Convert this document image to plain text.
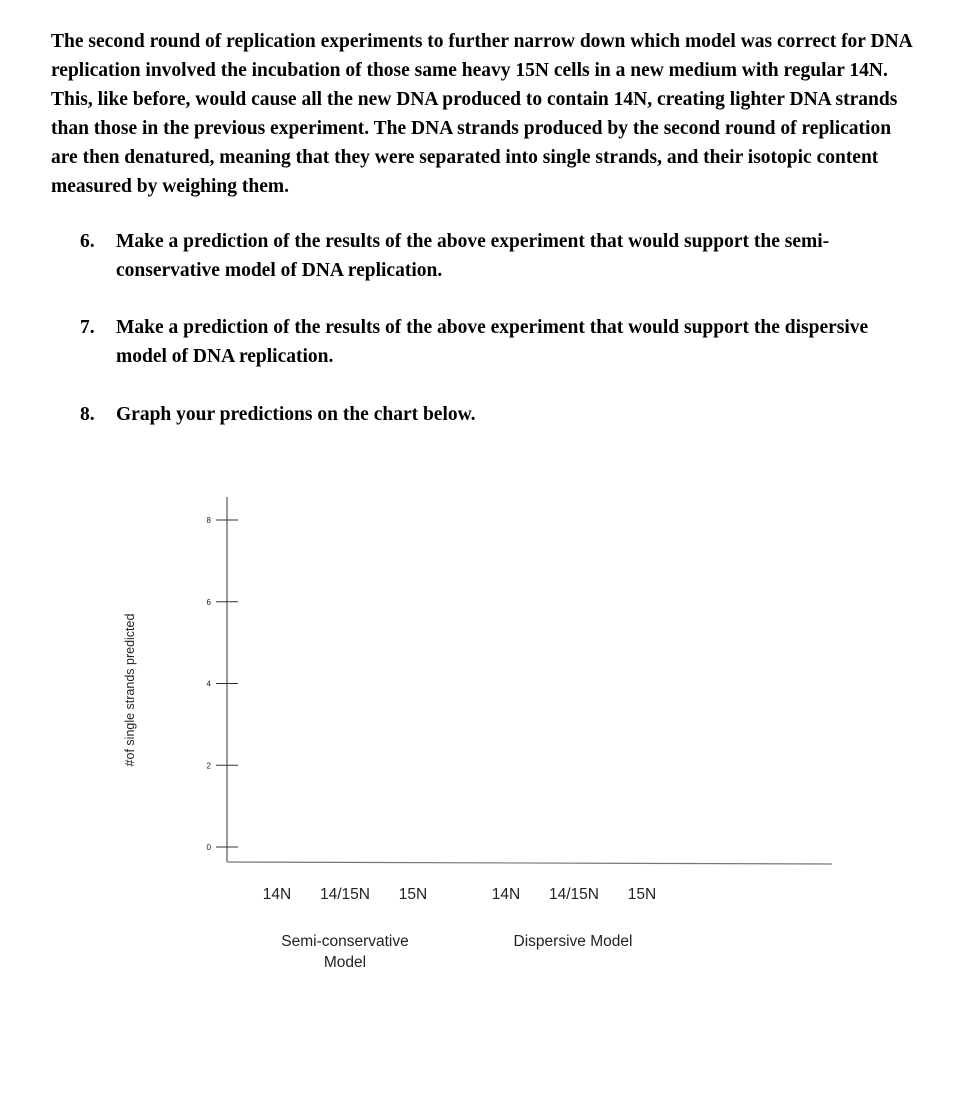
The second round of replication experiments to further narrow down which model was correct for DNA replication involved the incubation of those same heavy 15N cells in a new medium with regular 14N. This, like before, would cause all the new DNA produced to contain 14N, creating lighter DNA strands than those in the previous experiment. The DNA strands produced by the second round of replication are then denatured, meaning that they were separated into single strands, and their isotopic content measured by weighing them.

6. Make a prediction of the results of the above experiment that would support the semi-conservative model of DNA replication.
7. Make a prediction of the results of the above experiment that would support the dispersive model of DNA replication.
8. Graph your predictions on the chart below.
0
2
4
6
8
14N 14/15N 15N	14N 14/15N 15N
Semi-conservative Model
Dispersive Model
#of single strands predicted
